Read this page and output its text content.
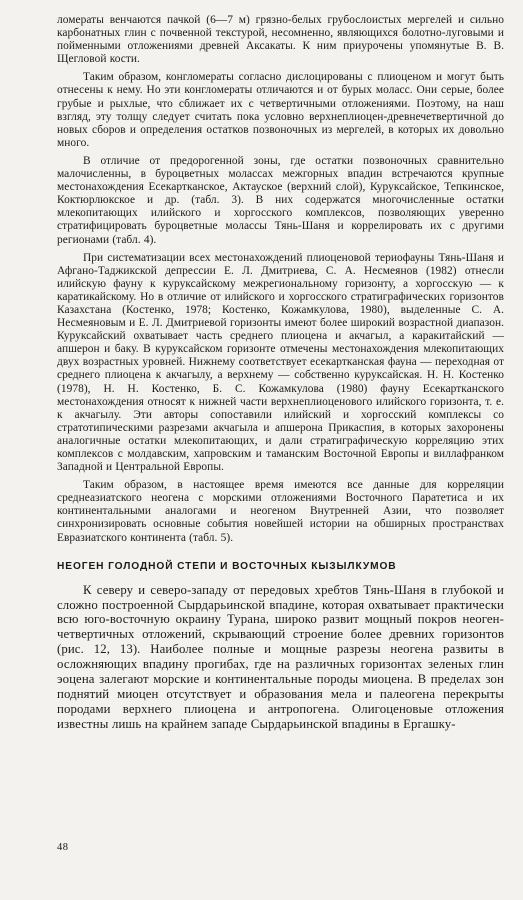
ломераты венчаются пачкой (6—7 м) грязно-белых грубослоистых мергелей и сильно карбонатных глин с почвенной текстурой, несомненно, являющихся болотно-луговыми и пойменными отложениями древней Аксакаты. К ним приурочены упомянутые В. В. Щегловой кости.

Таким образом, конгломераты согласно дислоцированы с плиоценом и могут быть отнесены к нему. Но эти конгломераты отличаются и от бурых моласс. Они серые, более грубые и рыхлые, что сближает их с четвертичными отложениями. Поэтому, на наш взгляд, эту толщу следует считать пока условно верхнеплиоцен-древнечетвертичной до новых сборов и определения остатков позвоночных из мергелей, в которых их довольно много.

В отличие от предорогенной зоны, где остатки позвоночных сравнительно малочисленны, в буроцветных молассах межгорных впадин встречаются крупные местонахождения Есекартканское, Актауское (верхний слой), Куруксайское, Тепкинское, Коктюрлюкское и др. (табл. 3). В них содержатся многочисленные остатки млекопитающих илийского и хоргосского комплексов, позволяющих уверенно стратифицировать буроцветные молассы Тянь-Шаня и коррелировать их с другими регионами (табл. 4).

При систематизации всех местонахождений плиоценовой териофауны Тянь-Шаня и Афгано-Таджикской депрессии Е. Л. Дмитриева, С. А. Несмеянов (1982) отнесли илийскую фауну к куруксайскому межрегиональному горизонту, а хоргосскую — к каратикайскому. Но в отличие от илийского и хоргосского стратиграфических горизонтов Казахстана (Костенко, 1978; Костенко, Кожамкулова, 1980), выделенные С. А. Несмеяновым и Е. Л. Дмитриевой горизонты имеют более широкий возрастной диапазон. Куруксайский охватывает часть среднего плиоцена и акчагыл, а каракитайский — апшерон и баку. В куруксайском горизонте отмечены местонахождения млекопитающих двух возрастных уровней. Нижнему соответствует есекартканская фауна — переходная от среднего плиоцена к акчагылу, а верхнему — собственно куруксайская. Н. Н. Костенко (1978), Н. Н. Костенко, Б. С. Кожамкулова (1980) фауну Есекартканского местонахождения относят к нижней части верхнеплиоценового илийского горизонта, т. е. к акчагылу. Эти авторы сопоставили илийский и хоргосский комплексы со стратотипическими разрезами акчагыла и апшерона Прикаспия, в которых захоронены аналогичные остатки млекопитающих, и дали стратиграфическую корреляцию этих комплексов с молдавским, хапровским и таманским Восточной Европы и виллафранком Западной и Центральной Европы.

Таким образом, в настоящее время имеются все данные для корреляции среднеазиатского неогена с морскими отложениями Восточного Паратетиса и их континентальными аналогами и неогеном Внутренней Азии, что позволяет синхронизировать основные события новейшей истории на обширных пространствах Евразиатского континента (табл. 5).

НЕОГЕН ГОЛОДНОЙ СТЕПИ И ВОСТОЧНЫХ КЫЗЫЛКУМОВ

К северу и северо-западу от передовых хребтов Тянь-Шаня в глубокой и сложно построенной Сырдарьинской впадине, которая охватывает практически всю юго-восточную окраину Турана, широко развит мощный покров неоген-четвертичных отложений, скрывающий строение более древних горизонтов (рис. 12, 13). Наиболее полные и мощные разрезы неогена развиты в осложняющих впадину прогибах, где на различных горизонтах зеленых глин эоцена залегают морские и континентальные породы миоцена. В пределах зон поднятий миоцен отсутствует и образования мела и палеогена перекрыты породами верхнего плиоцена и антропогена. Олигоценовые отложения известны лишь на крайнем западе Сырдарьинской впадины в Ергашку-

48
